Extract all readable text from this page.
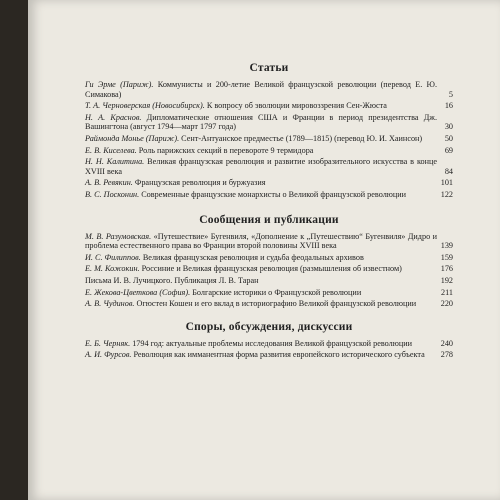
Статьи
Ги Эрме (Париж). Коммунисты и 200-летие Великой французской революции (перевод Е. Ю. Симакова)	5
Т. А. Черноверская (Новосибирск). К вопросу об эволюции мировоззрения Сен-Жюста	16
Н. А. Краснов. Дипломатические отношения США и Франции в период президентства Дж. Вашингтона (август 1794—март 1797 года)	30
Раймонда Монье (Париж). Сент-Антуанское предместье (1789—1815) (перевод Ю. И. Хаинсон)	50
Е. В. Киселева. Роль парижских секций в перевороте 9 термидора	69
Н. Н. Калитина. Великая французская революция и развитие изобразительного искусства в конце XVIII века	84
А. В. Ревякин. Французская революция и буржуазия	101
В. С. Посконин. Современные французские монархисты о Великой французской революции	122
Сообщения и публикации
М. В. Разумовская. «Путешествие» Бугенвиля, «Дополнение к „Путешествию“ Бугенвиля» Дидро и проблема естественного права во Франции второй половины XVIII века	139
И. С. Филиппов. Великая французская революция и судьба феодальных архивов	159
Е. М. Кожокин. Россиние и Великая французская революция (размышления об известном)	176
Письма И. В. Лучицкого. Публикация Л. В. Таран	192
Е. Жекова-Цветкова (София). Болгарские историки о Французской революции	211
А. В. Чудинов. Огюстен Кошен и его вклад в историографию Великой французской революции	220
Споры, обсуждения, дискуссии
Е. Б. Черняк. 1794 год: актуальные проблемы исследования Великой французской революции	240
А. И. Фурсов. Революция как имманентная форма развития европейского исторического субъекта 278
